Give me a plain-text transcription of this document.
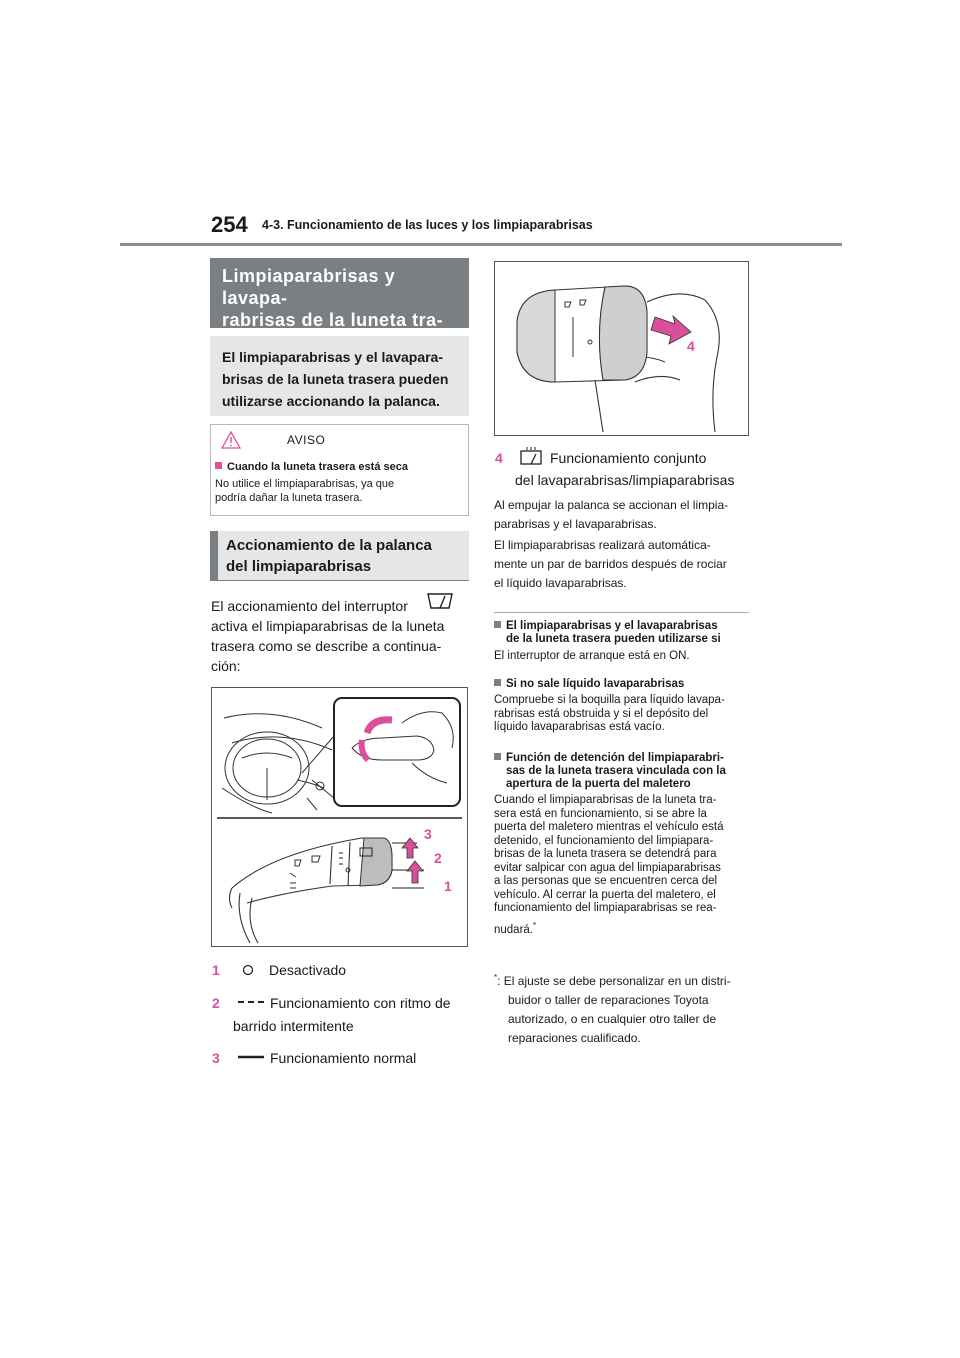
254 4-3. Funcionamiento de las luces y los limpiaparabrisas
Limpiaparabrisas y lavapa-
rabrisas de la luneta tra-
El limpiaparabrisas y el lavapara-
brisas de la luneta trasera pueden
utilizarse accionando la palanca.
AVISO
Cuando la luneta trasera está seca
No utilice el limpiaparabrisas, ya que
podría dañar la luneta trasera.
Accionamiento de la palanca
del limpiaparabrisas
El accionamiento del interruptor
activa el limpiaparabrisas de la luneta
trasera como se describe a continua-
ción:
3
2
1
1	Desactivado
2	Funcionamiento con ritmo de
barrido intermitente
3	Funcionamiento normal
4
4	Funcionamiento conjunto
del lavaparabrisas/limpiaparabrisas
Al empujar la palanca se accionan el limpia-
parabrisas y el lavaparabrisas.
El limpiaparabrisas realizará automática-
mente un par de barridos después de rociar
el líquido lavaparabrisas.
El limpiaparabrisas y el lavaparabrisas
de la luneta trasera pueden utilizarse si
El interruptor de arranque está en ON.
Si no sale líquido lavaparabrisas
Compruebe si la boquilla para líquido lavapa-
rabrisas está obstruida y si el depósito del
líquido lavaparabrisas está vacío.
Función de detención del limpiaparabri-
sas de la luneta trasera vinculada con la
apertura de la puerta del maletero
Cuando el limpiaparabrisas de la luneta tra-
sera está en funcionamiento, si se abre la
puerta del maletero mientras el vehículo está
detenido, el funcionamiento del limpiapara-
brisas de la luneta trasera se detendrá para
evitar salpicar con agua del limpiaparabrisas
a las personas que se encuentren cerca del
vehículo. Al cerrar la puerta del maletero, el
funcionamiento del limpiaparabrisas se rea-
nudará.*
*: El ajuste se debe personalizar en un distri-
buidor o taller de reparaciones Toyota
autorizado, o en cualquier otro taller de
reparaciones cualificado.
